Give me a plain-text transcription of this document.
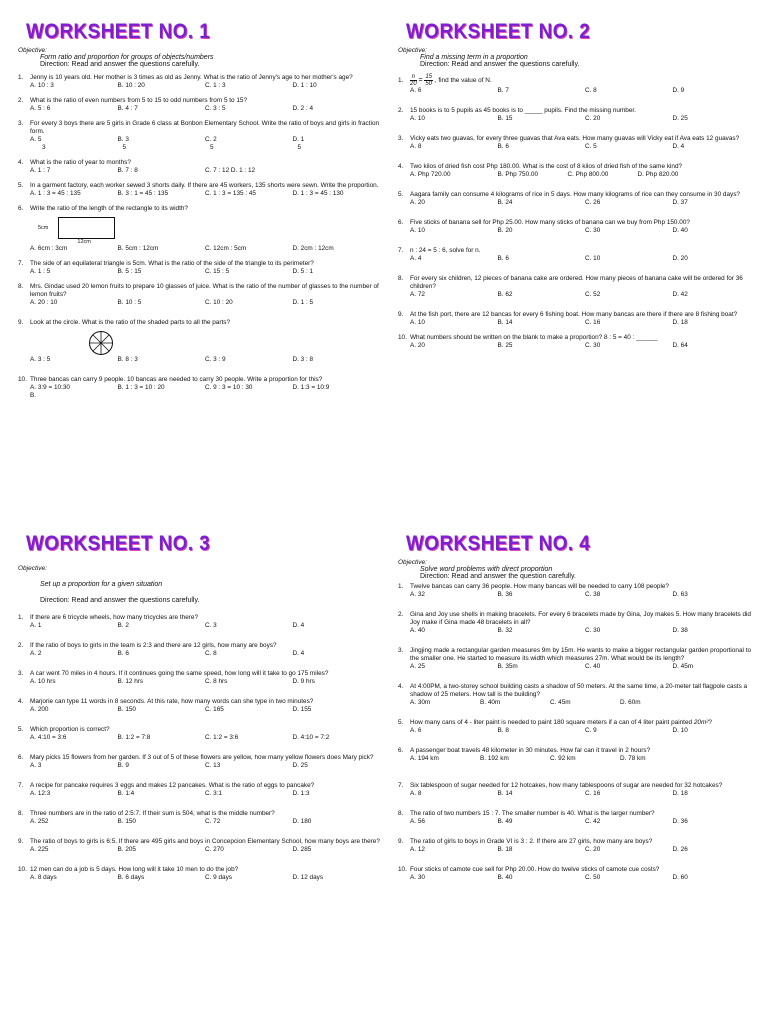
WORKSHEET NO. 1
Objective:
Form ratio and proportion for groups of objects/numbers
Direction: Read and answer the questions carefully.
1.	Jenny is 10 years old. Her mother is 3 times as old as Jenny. What is the ratio of Jenny's age to her mother's age?
A. 10 : 3	B. 10 : 20	C. 1 : 3	D. 1 : 10
2.	What is the ratio of even numbers from 5 to 15 to odd numbers from 5 to 15?
A. 5 : 6	B. 4 : 7	C. 3 : 5	D. 2 : 4
3.	For every 3 boys there are 5 girls in Grade 6 class at Bonbon Elementary School. Write the ratio of boys and girls in fraction form.
A. 5
3
B. 3
5
C. 2
5
D. 1
5
4.	What is the ratio of year to months?
A. 1 : 7	B. 7 : 8	C. 7 : 12 D. 1 : 12
5.	In a garment factory, each worker sewed 3 shorts daily. If there are 45 workers, 135 shorts were sewn. Write the proportion.
A. 1 : 3 = 45 : 135	B. 3 : 1 = 45 : 135	C. 1 : 3 = 135 : 45	D. 1 : 3 = 45 : 130
6.	Write the ratio of the length of the rectangle to its width?
5cm
12cm
A. 6cm : 3cm	B. 5cm : 12cm	C. 12cm : 5cm	D. 2cm : 12cm
7.	The side of an equilateral triangle is 5cm. What is the ratio of the side of the triangle to its perimeter?
A. 1 : 5	B. 5 : 15	C. 15 : 5	D. 5 : 1
8.	Mrs. Gindac used 20 lemon fruits to prepare 10 glasses of juice. What is the ratio of the number of glasses to the number of lemon fruits?
A. 20 : 10	B. 10 : 5	C. 10 : 20	D. 1 : 5
9.	Look at the circle. What is the ratio of the shaded parts to all the parts?
A. 3 : 5	B. 8 : 3	C. 3 : 9	D. 3 : 8
10. Three bancas can carry 9 people. 10 bancas are needed to carry 30 people. Write a proportion for this?
A. 3:9 = 10:30	B. 1 : 3 = 10 : 20	C. 9 : 3 = 10 : 30	D. 1:3 = 10:9
B.
WORKSHEET NO. 2
Objective:
Find a missing term in a proportion
Direction: Read and answer the questions carefully.
1.	$\frac{n}{20} = \frac{15}{50}$ , find the value of N.
A. 6	B. 7	C. 8	D. 9
2.	15 books is to 5 pupils as 45 books is to _____ pupils. Find the missing number.
A. 10	B. 15	C. 20	D. 25
3.	Vicky eats two guavas, for every three guavas that Ava eats. How many guavas will Vicky eat if Ava eats 12 guavas?
A. 8	B. 6	C. 5	D. 4
4.	Two kilos of dried fish cost Php 180.00. What is the cost of 8 kilos of dried fish of the same kind?
A. Php 720.00	B. Php 750.00	C. Php 800.00	D. Php 820.00
5.	Aagara family can consume 4 kilograms of rice in 5 days. How many kilograms of rice can they consume in 30 days?
A. 20	B. 24	C. 26	D. 37
6.	Five sticks of banana sell for Php 25.00. How many sticks of banana can we buy from Php 150.00?
A. 10	B. 20	C. 30	D. 40
7.	n : 24 = 5 : 6, solve for n.
A. 4	B. 6	C. 10	D. 20
8.	For every six children, 12 pieces of banana cake are ordered. How many pieces of banana cake will be ordered for 36 children?
A. 72	B. 62	C. 52	D. 42
9.	At the fish port, there are 12 bancas for every 6 fishing boat. How many bancas are there if there are 8 fishing boat?
A. 10	B. 14	C. 16	D. 18
10. What numbers should be written on the blank to make a proportion? 8 : 5 = 40 : ______
A. 20	B. 25	C. 30	D. 64
WORKSHEET NO. 3
Objective:
Set up a proportion for a given situation
Direction: Read and answer the questions carefully.
1.	If there are 6 tricycle wheels, how many tricycles are there?
A. 1	B. 2	C. 3	D. 4
2.	If the ratio of boys to girls in the team is 2:3 and there are 12 girls, how many are boys?
A. 2	B. 6	C. 8	D. 4
3.	A car went 70 miles in 4 hours. If it continues going the same speed, how long will it take to go 175 miles?
A. 10 hrs	B. 12 hrs	C. 8 hrs	D. 9 hrs
4.	Marjorie can type 11 words in 8 seconds. At this rate, how many words can she type in two minutes?
A. 200	B. 150	C. 165	D. 155
5.	Which proportion is correct?
A. 4:10 = 3:6	B. 1:2 = 7:8	C. 1:2 = 3:6	D. 4:10 = 7:2
6.	Mary picks 15 flowers from her garden. If 3 out of 5 of these flowers are yellow, how many yellow flowers does Mary pick?
A. 3	B. 9	C. 13	D. 25
7.	A recipe for pancake requires 3 eggs and makes 12 pancakes. What is the ratio of eggs to pancake?
A. 12:3	B. 1:4	C. 3:1	D. 1:3
8.	Three numbers are in the ratio of 2:5:7. If their sum is 504, what is the middle number?
A. 252	B. 150	C. 72	D. 180
9.	The ratio of boys to girls is 6:5. If there are 495 girls and boys in Concepcion Elementary School, how many boys are there?
A. 225	B. 205	C. 270	D. 285
10. 12 men can do a job is 5 days. How long will it take 10 men to do the job?
A. 8 days	B. 6 days	C. 9 days	D. 12 days
WORKSHEET NO. 4
Objective:
Solve word problems with direct proportion
Direction: Read and answer the question carefully.
1.	Twelve bancas can carry 36 people. How many bancas will be needed to carry 108 people?
A. 32	B. 36	C. 38	D. 63
2.	Gina and Joy use shells in making bracelets. For every 6 bracelets made by Gina, Joy makes 5. How many bracelets did Joy make if Gina made 48 bracelets in all?
A. 40	B. 32	C. 30	D. 38
3.	Jingjing made a rectangular garden measures 9m by 15m. He wants to make a bigger rectangular garden proportional to the smaller one. He started to measure its width which measures 27m. What would be its length?
A. 25	B. 35m	C. 40	D. 45m
4.	At 4:00PM, a two-storey school building casts a shadow of 50 meters. At the same time, a 20-meter tall flagpole casts a shadow of 25 meters. How tall is the building?
A. 30m	B. 40m	C. 45m	D. 60m
5.	How many cans of 4 - liter paint is needed to paint 180 square meters if a can of 4 liter paint painted 20m²?
A. 6	B. 8	C. 9	D. 10
6.	A passenger boat travels 48 kilometer in 30 minutes. How far can it travel in 2 hours?
A. 194 km	B. 192 km	C. 92 km	D. 78 km
7.	Six tablespoon of sugar needed for 12 hotcakes, how many tablespoons of sugar are needed for 32 hotcakes?
A. 8	B. 14	C. 16	D. 18
8.	The ratio of two numbers 15 : 7. The smaller number is 40. What is the larger number?
A. 56	B. 49	C. 42	D. 36
9.	The ratio of girls to boys in Grade VI is 3 : 2. If there are 27 girls, how many are boys?
A. 12	B. 18	C. 20	D. 26
10. Four sticks of camote cue sell for Php 20.00. How do twelve sticks of camote cue costs?
A. 30	B. 40	C. 50	D. 60
